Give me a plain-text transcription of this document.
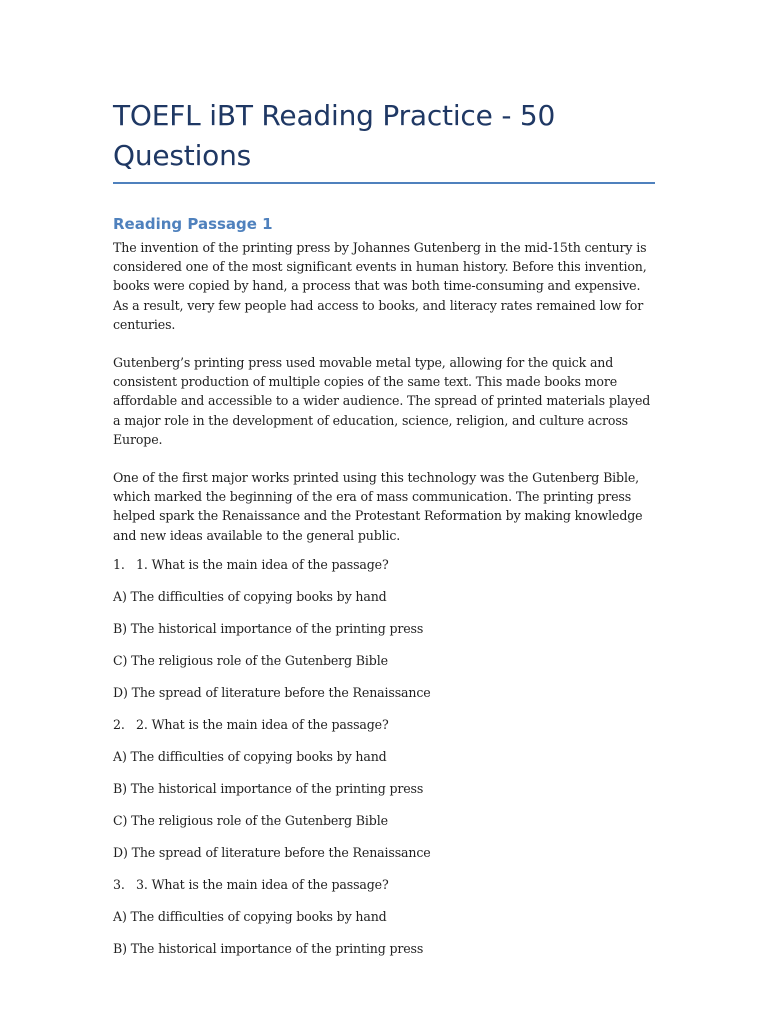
TOEFL iBT Reading Practice - 50 Questions
Reading Passage 1

The invention of the printing press by Johannes Gutenberg in the mid-15th century is considered one of the most significant events in human history. Before this invention, books were copied by hand, a process that was both time-consuming and expensive. As a result, very few people had access to books, and literacy rates remained low for centuries.

Gutenberg’s printing press used movable metal type, allowing for the quick and consistent production of multiple copies of the same text. This made books more affordable and accessible to a wider audience. The spread of printed materials played a major role in the development of education, science, religion, and culture across Europe.

One of the first major works printed using this technology was the Gutenberg Bible, which marked the beginning of the era of mass communication. The printing press helped spark the Renaissance and the Protestant Reformation by making knowledge and new ideas available to the general public.

1. 1. What is the main idea of the passage?
A) The difficulties of copying books by hand
B) The historical importance of the printing press
C) The religious role of the Gutenberg Bible
D) The spread of literature before the Renaissance
2. 2. What is the main idea of the passage?
A) The difficulties of copying books by hand
B) The historical importance of the printing press
C) The religious role of the Gutenberg Bible
D) The spread of literature before the Renaissance
3. 3. What is the main idea of the passage?
A) The difficulties of copying books by hand
B) The historical importance of the printing press
